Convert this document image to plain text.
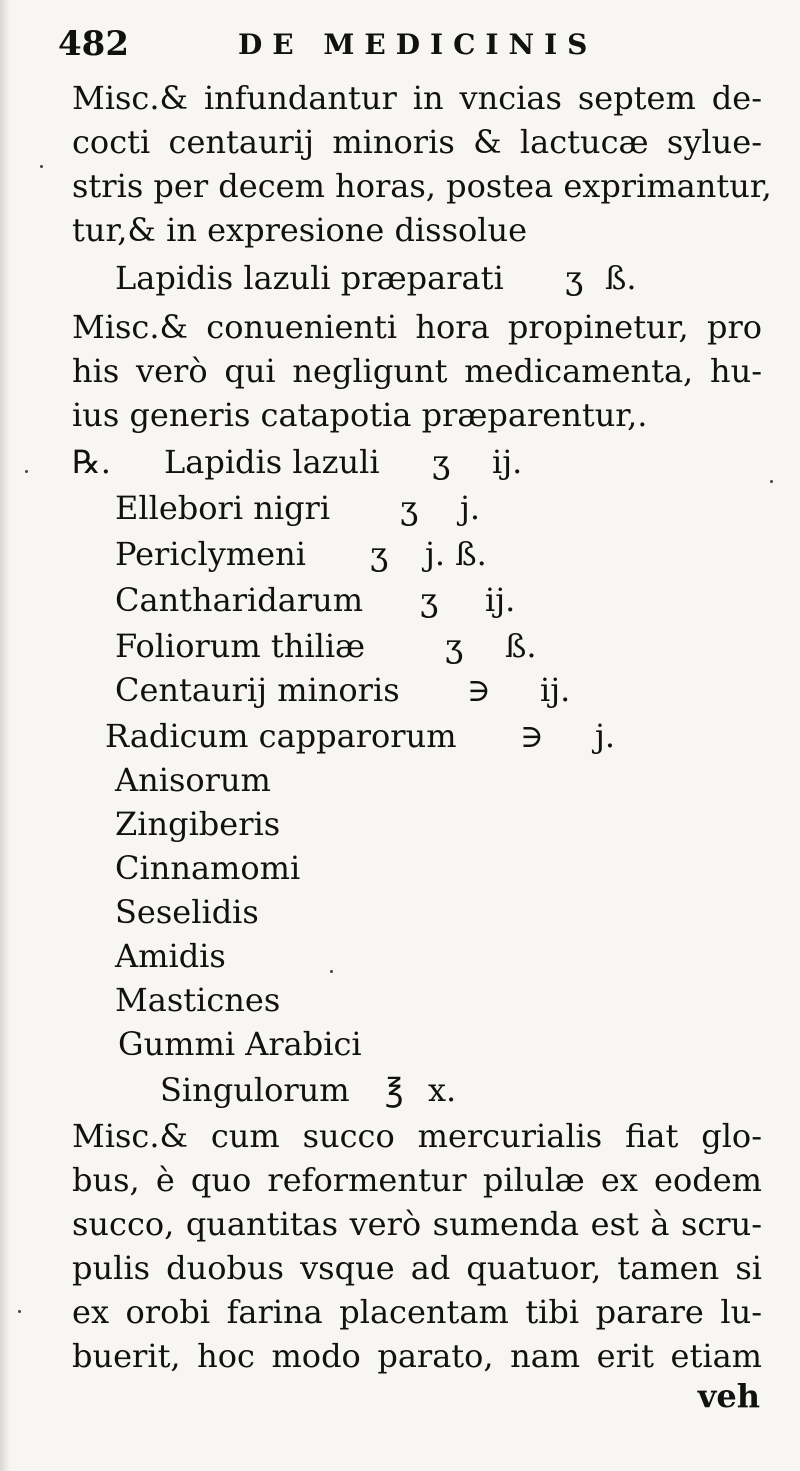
482	DE MEDICINIS
Misc.& infundantur in vncias septem de-
cocti centaurij minoris & lactucæ sylue-
stris per decem horas, postea exprimantur,
tur,& in expresione dissolue
Lapidis lazuli præparati ʒ ß.
Misc.& conuenienti hora propinetur, pro
his verò qui negligunt medicamenta, hu-
ius generis catapotia præparentur,.
℞. Lapidis lazuli ʒ ij.
Ellebori nigri ʒ j.
Periclymeni ʒ j. ß.
Cantharidarum ʒ ij.
Foliorum thiliæ ʒ ß.
Centaurij minoris ∋ ij.
Radicum capparorum ∋ j.
Anisorum
Zingiberis
Cinnamomi
Seselidis
Amidis
Masticnes
Gummi Arabici
Singulorum ℥ x.
Misc.& cum succo mercurialis fiat glo-
bus, è quo reformentur pilulæ ex eodem
succo, quantitas verò sumenda est à scru-
pulis duobus vsque ad quatuor, tamen si
ex orobi farina placentam tibi parare lu-
buerit, hoc modo parato, nam erit etiam
veh
